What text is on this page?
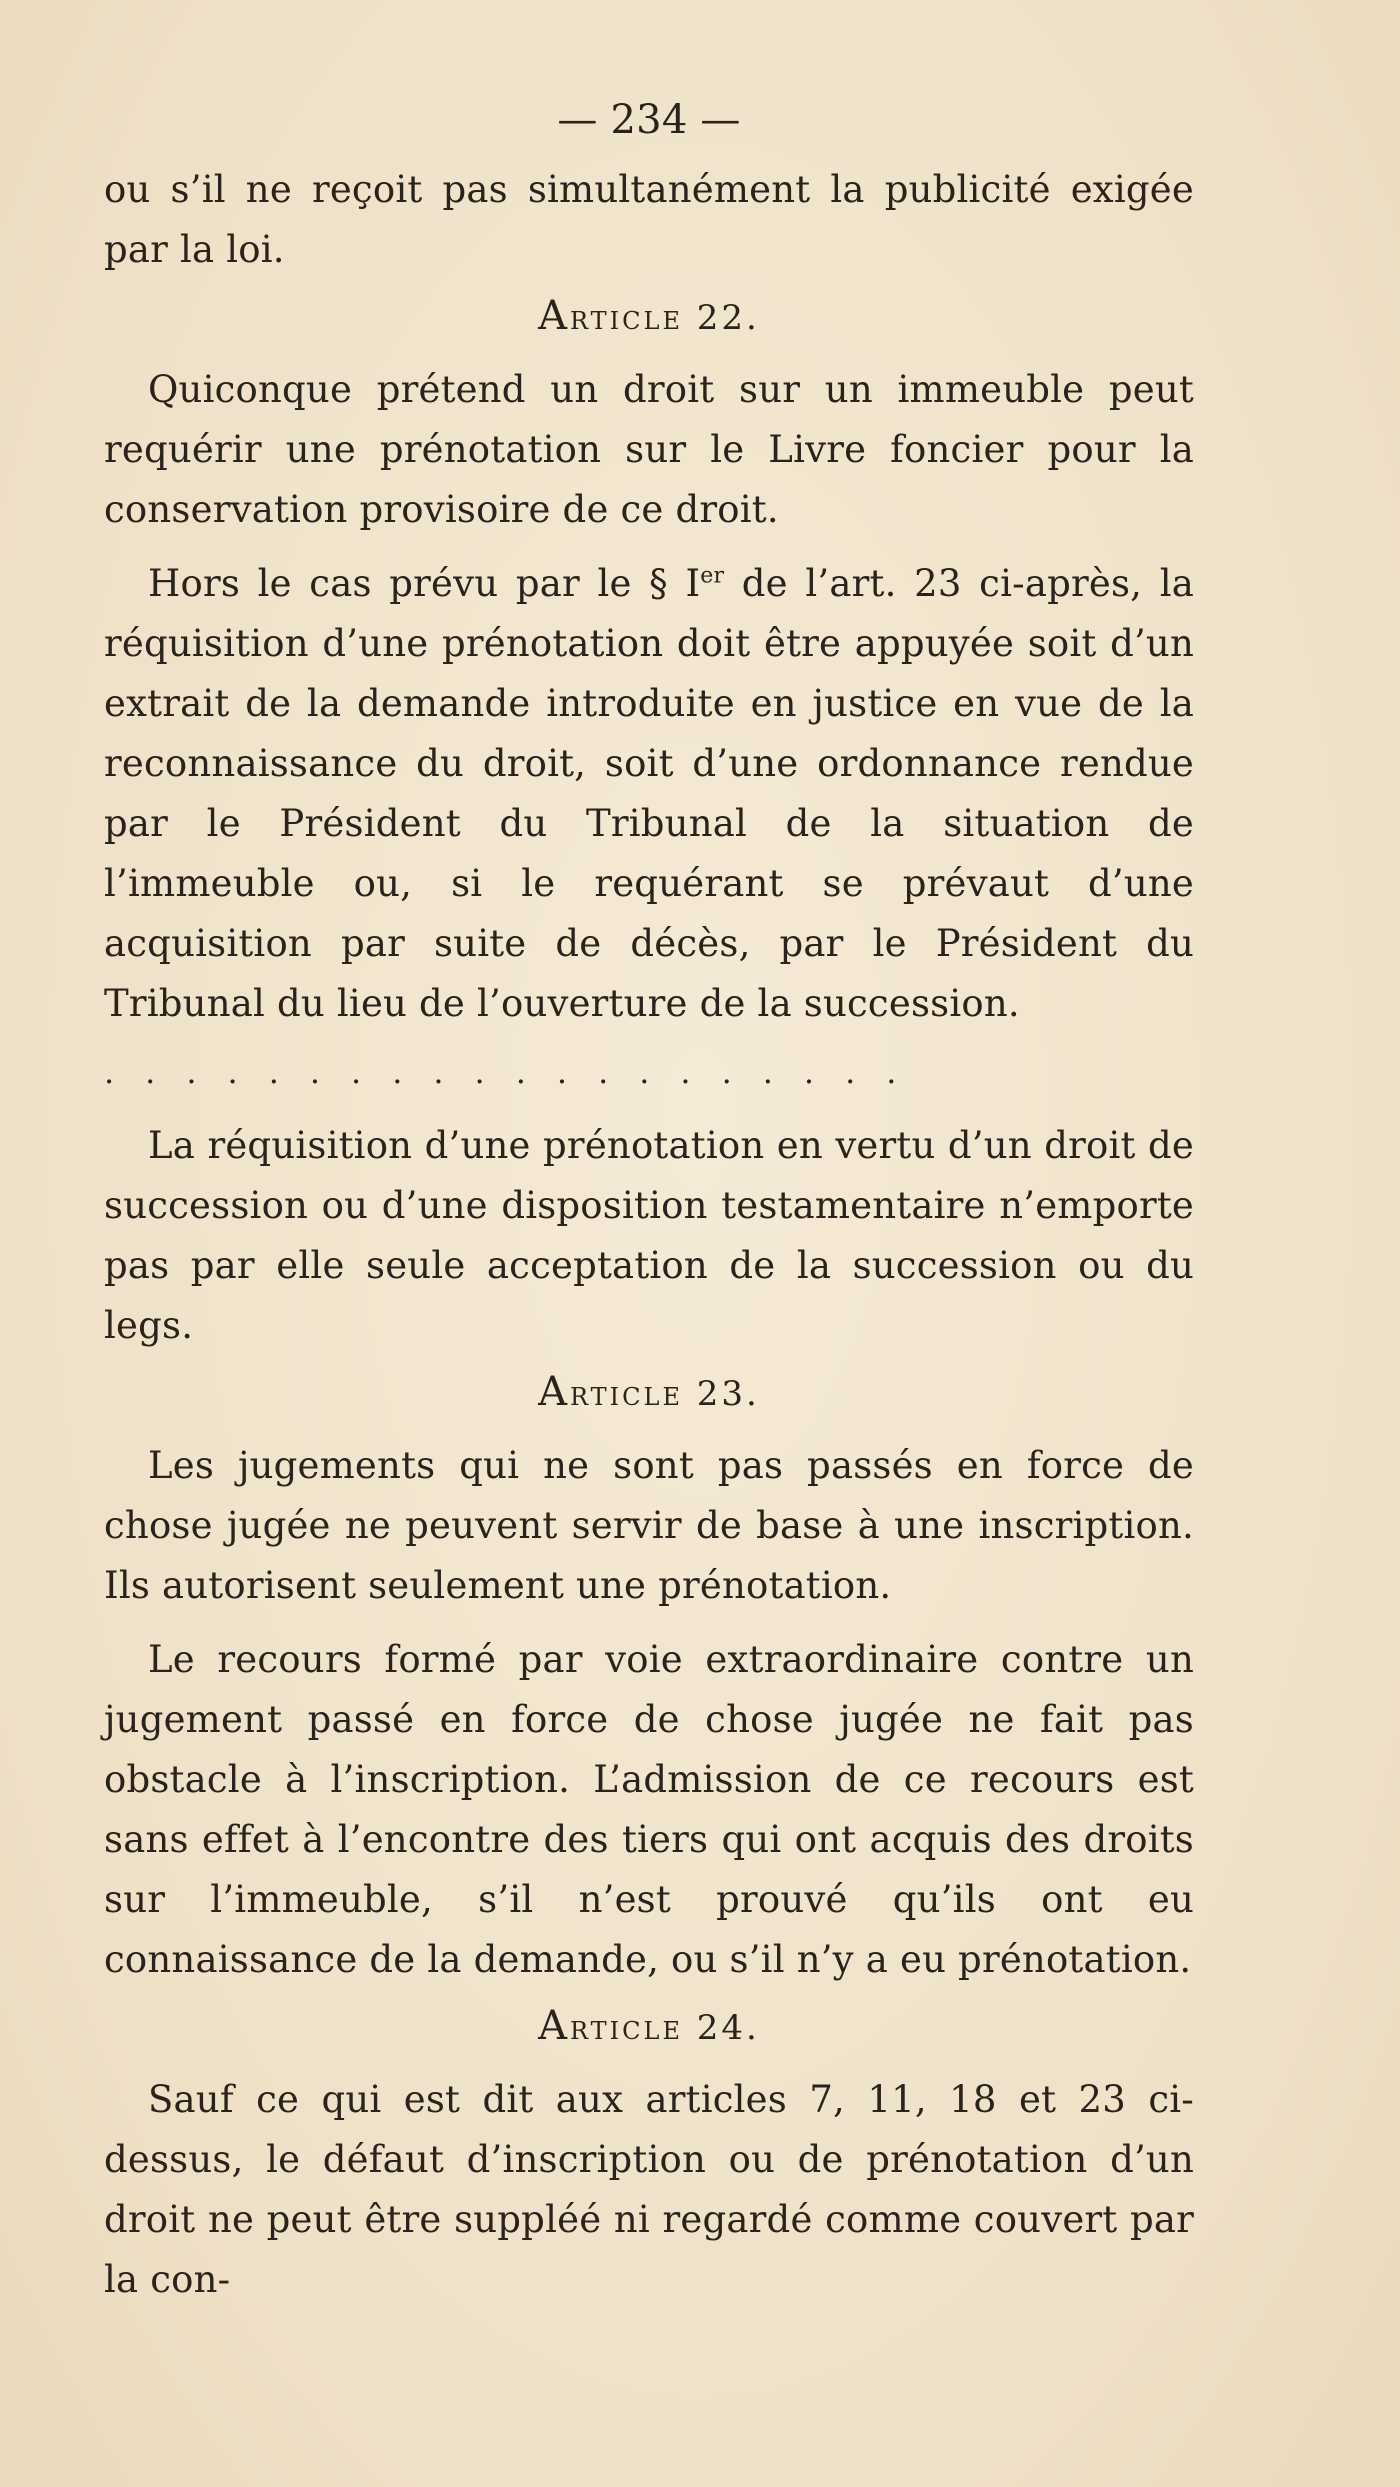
— 234 —

ou s’il ne reçoit pas simultanément la publicité exigée par la loi.

Article 22.

Quiconque prétend un droit sur un immeuble peut requérir une prénotation sur le Livre foncier pour la conservation provisoire de ce droit.

Hors le cas prévu par le § Ier de l’art. 23 ci-après, la réquisition d’une prénotation doit être appuyée soit d’un extrait de la demande introduite en justice en vue de la reconnaissance du droit, soit d’une ordonnance rendue par le Président du Tribunal de la situation de l’immeuble ou, si le requérant se prévaut d’une acquisition par suite de décès, par le Président du Tribunal du lieu de l’ouverture de la succession.

....................

La réquisition d’une prénotation en vertu d’un droit de succession ou d’une disposition testamentaire n’emporte pas par elle seule acceptation de la succession ou du legs.

Article 23.

Les jugements qui ne sont pas passés en force de chose jugée ne peuvent servir de base à une inscription. Ils autorisent seulement une prénotation.

Le recours formé par voie extraordinaire contre un jugement passé en force de chose jugée ne fait pas obstacle à l’inscription. L’admission de ce recours est sans effet à l’encontre des tiers qui ont acquis des droits sur l’immeuble, s’il n’est prouvé qu’ils ont eu connaissance de la demande, ou s’il n’y a eu prénotation.

Article 24.

Sauf ce qui est dit aux articles 7, 11, 18 et 23 ci-dessus, le défaut d’inscription ou de prénotation d’un droit ne peut être suppléé ni regardé comme couvert par la con-
